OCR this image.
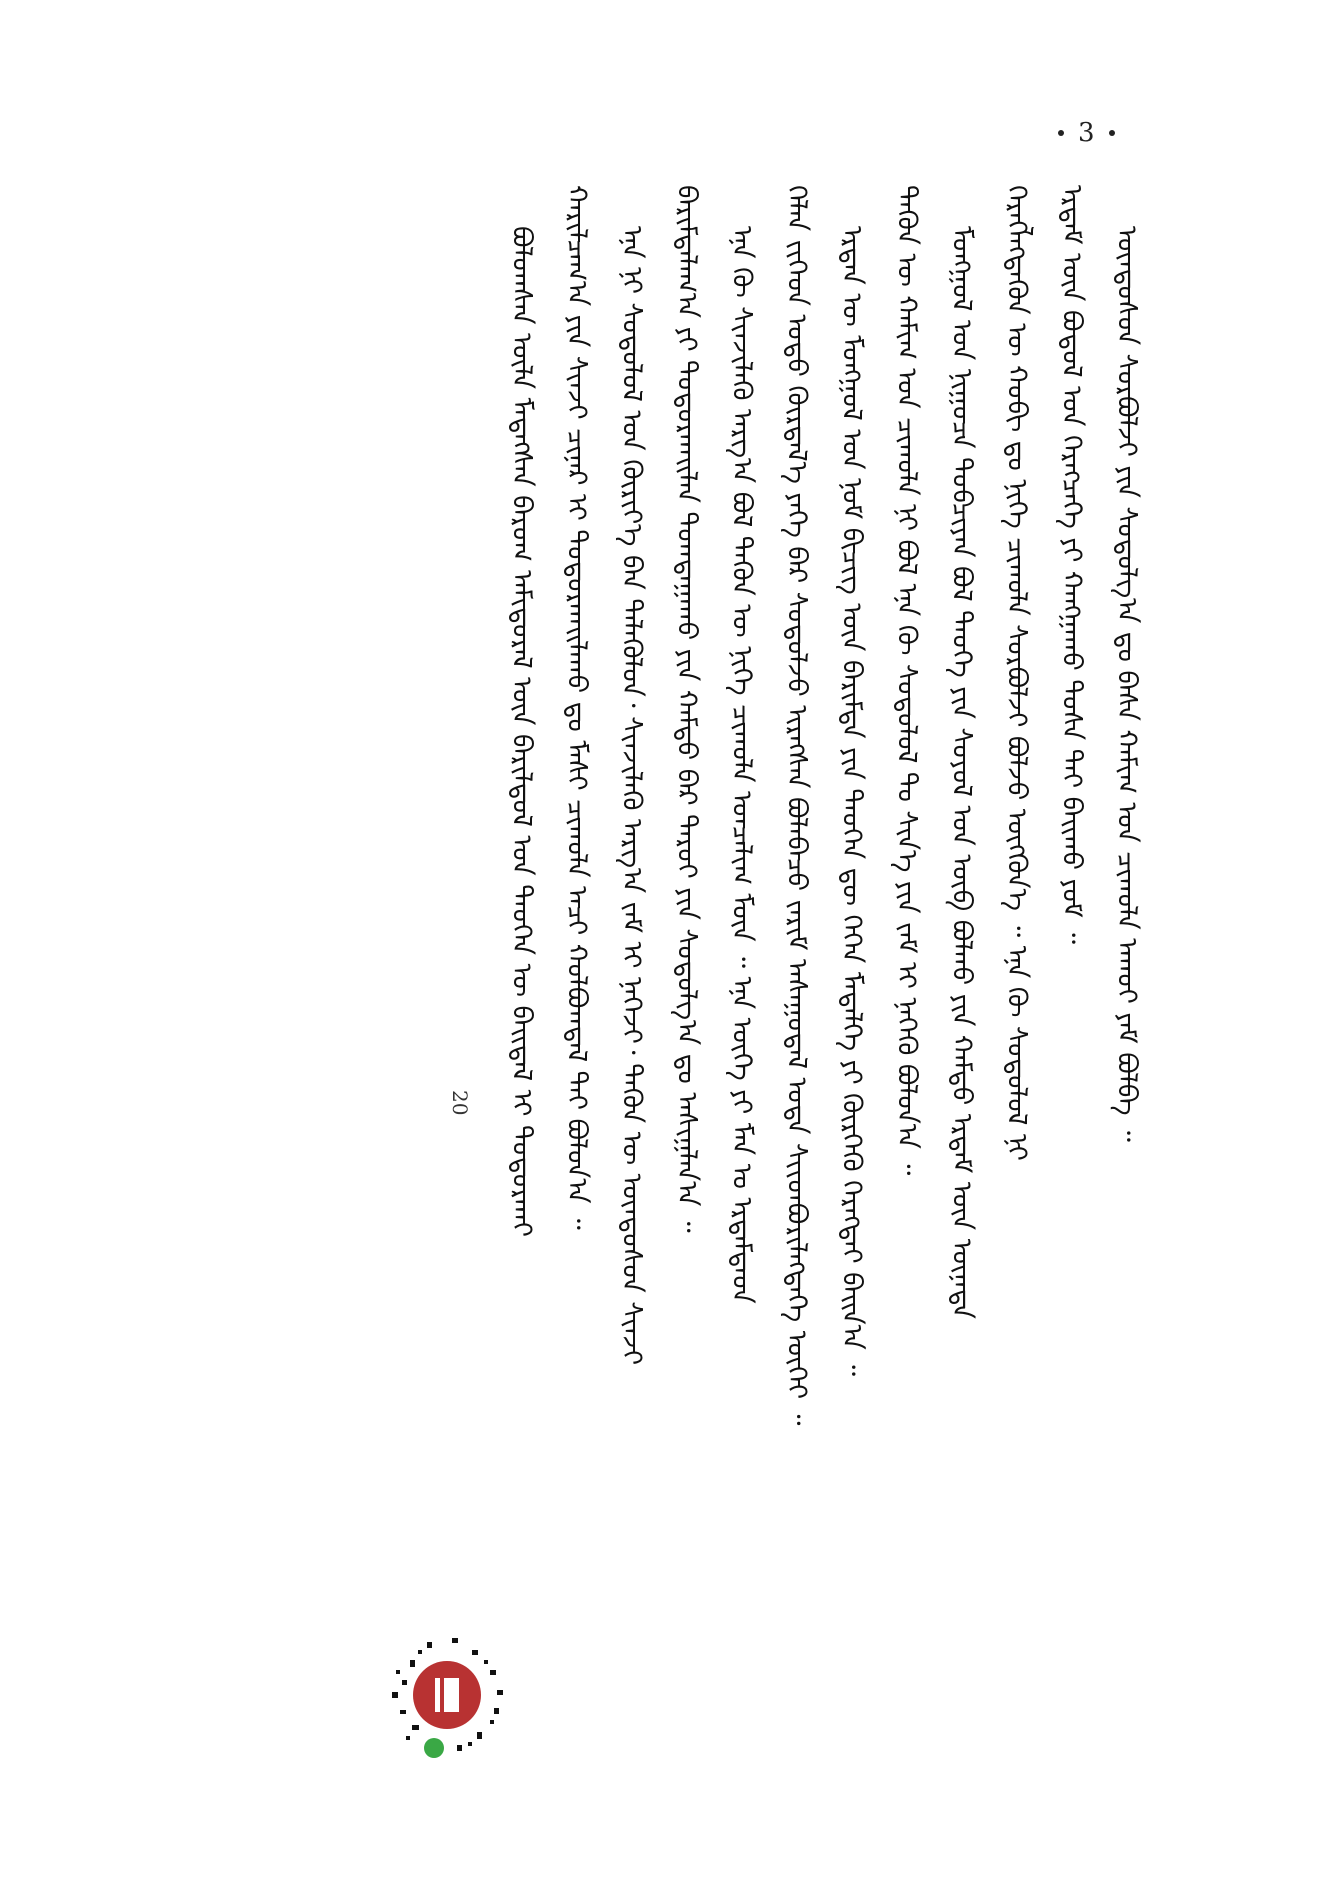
3

ᠪᠣᠯᠤᠭᠰᠠᠨ ᠦᠯᠡ ᠮᠡᠳᠡᠭᠰᠡᠨ ᠪᠠᠷᠤᠭ ᠠᠮᠢᠳᠤᠷᠠᠯ ᠦᠨ ᠪᠠᠷᠢᠯᠳᠤᠯ ᠤᠨ ᠲᠡᠦᠬᠡᠨ ᠦ ᠪᠠᠢᠳᠠᠯ ᠢ ᠲᠣᠳᠤᠷᠬᠠᠢ ᠬᠠᠷᠢᠯᠴᠠᠭ᠎ᠠ ᠶᠢᠨ ᠰᠢᠨᠵᠢ ᠴᠢᠨᠠᠷ ᠢ ᠲᠣᠳᠣᠷᠬᠠᠢᠯᠠᠬᠤ ᠳᠤ ᠮᠠᠰᠢ ᠴᠢᠬᠤᠯᠠ ᠠᠴᠢ ᠬᠣᠯᠪᠤᠭᠳᠠᠯ ᠲᠠᠢ ᠪᠣᠯᠤᠨ᠎ᠠ ᠃ ᠡᠨᠡ ᠨᠢ ᠰᠤᠳᠤᠯᠤᠯ ᠤᠨ ᠬᠦᠷᠢᠶ᠎ᠡ ᠪᠠᠨ ᠲᠡᠯᠡᠭᠦᠯᠦᠨ᠂ ᠰᠢᠨᠵᠢᠯᠡᠬᠦ ᠠᠷᠭ᠎ᠠ ᠵᠠᠮ ᠢ ᠨᠡᠬᠡᠵᠢ᠂ ᠲᠡᠭᠦᠨ ᠦ ᠦᠨᠳᠦᠰᠦᠨ ᠰᠢᠨᠵᠢ ᠪᠠᠷᠢᠮᠲᠠᠯᠠᠭ᠎ᠠ ᠶᠢ ᠲᠣᠳᠣᠷᠬᠠᠢᠯᠠᠨ ᠲᠣᠭᠳᠠᠭᠠᠬᠤ ᠶᠢᠨ ᠬᠠᠮᠲᠤ ᠪᠡᠷ ᠳᠠᠷᠤᠢ ᠶᠢᠨ ᠰᠤᠳᠤᠯᠭ᠎ᠠ ᠳᠤ ᠠᠰᠢᠭ᠋ᠯᠠᠨ᠎ᠠ ᠃ ᠡᠨᠡ ᠬᠦ ᠰᠢᠨᠵᠢᠯᠡᠬᠦ ᠠᠷᠭ᠎ᠠ ᠪᠣᠯ ᠲᠡᠬᠦᠨ ᠦ ᠨᠢᠭᠡ ᠴᠢᠬᠤᠯᠠ ᠣᠨᠴᠠᠯᠢᠭ ᠮᠥᠨ ᠃ ᠡᠨᠡ ᠦᠭᠡ ᠶᠢ ᠮᠠᠨ ᠤ ᠡᠷᠳᠡᠮᠲᠡᠳ ᠬᠡᠯᠡᠨ ᠵᠢᠬᠡᠳ ᠣᠳᠣ ᠬᠦᠷᠲᠡᠯ᠎ᠡ ᠶᠡᠬᠡ ᠪᠡᠷ ᠰᠤᠳᠤᠯᠵᠤ ᠢᠷᠡᠭᠰᠡᠨ ᠪᠣᠯᠠᠪᠠᠴᠤ ᠵᠠᠷᠢᠮ ᠠᠰᠠᠭᠤᠳᠠᠯ ᠤᠳᠠ ᠰᠢᠢᠳᠪᠦᠷᠢᠯᠡᠭᠳᠡᠭᠡ ᠦᠭᠡᠢ ᠃ ᠡᠷᠲᠡᠨ ᠦ ᠮᠣᠩᠭᠣᠯ ᠤᠨ ᠨᠣᠮ ᠪᠢᠴᠢᠭ᠌ ᠦᠨ ᠪᠠᠷᠢᠮᠲᠠ ᠶᠢᠨ ᠲᠡᠤᠬᠡᠨ ᠳᠦ ᠭᠡᠭᠡᠨ ᠮᠡᠳᠡᠯᠭᠡ ᠶᠢ ᠬᠦᠷᠭᠡᠬᠦ ᠬᠡᠷᠡᠭᠲᠡᠢ ᠪᠠᠢᠨ᠎ᠠ ᠃ ᠲᠡᠭᠦᠨ ᠦ ᠬᠠᠮᠢᠭ ᠤᠨ ᠴᠢᠬᠤᠯᠠ ᠨᠢ ᠪᠣᠯ ᠡᠨᠡ ᠬᠦ ᠰᠤᠳᠤᠯᠤᠯ ᠲᠤ ᠰᠢᠨ᠎ᠡ ᠶᠢᠨ ᠵᠠᠮ ᠢ ᠨᠡᠬᠡᠬᠦ ᠪᠣᠯᠤᠨ᠎ᠠ ᠃ ᠮᠣᠩᠭᠣᠯ ᠤᠨ ᠨᠢᠭᠤᠴᠠ ᠲᠣᠪᠴᠢᠶᠠᠨ ᠪᠣᠯ ᠲᠡᠦᠬᠡ ᠶᠢᠨ ᠰᠣᠶᠣᠯ ᠤᠨ ᠥᠪ ᠪᠣᠯᠬᠤ ᠶᠢᠨ ᠬᠠᠮᠲᠤ ᠡᠷᠳᠡᠮ ᠦᠨ ᠦᠨᠡᠲᠡ ᠬᠡᠷᠡᠭᠯᠡᠭᠳᠡᠬᠦᠨ ᠦ ᠬᠤᠪᠢ ᠳᠤ ᠨᠢᠭᠡ ᠴᠢᠬᠤᠯᠠ ᠰᠤᠷᠪᠤᠯᠵᠢ ᠪᠣᠯᠵᠤ ᠥᠭᠭᠦᠨ᠎ᠡ ᠃ ᠡᠨᠡ ᠬᠦ ᠰᠤᠳᠤᠯᠤᠯ ᠨᠢ ᠡᠷᠳᠡᠮ ᠦᠨ ᠪᠣᠳᠤᠯ ᠤᠨ ᠬᠡᠷᠡᠭᠴᠡᠭᠡ ᠶᠢ ᠬᠠᠩᠭᠠᠬᠤ ᠲᠤᠰᠠ ᠲᠠᠢ ᠪᠠᠢᠬᠤ ᠶᠤᠮ ᠃ ᠦᠨᠳᠦᠰᠦᠨ ᠰᠤᠷᠪᠤᠯᠵᠢ ᠶᠢᠨ ᠰᠤᠳᠤᠯᠭ᠎ᠠ ᠳᠤ ᠪᠠᠰᠠ ᠬᠠᠮᠢᠭ ᠤᠨ ᠴᠢᠬᠤᠯᠠ ᠠᠬᠤᠢ ᠶᠠᠮ ᠪᠣᠯᠪᠠ ᠃

20
